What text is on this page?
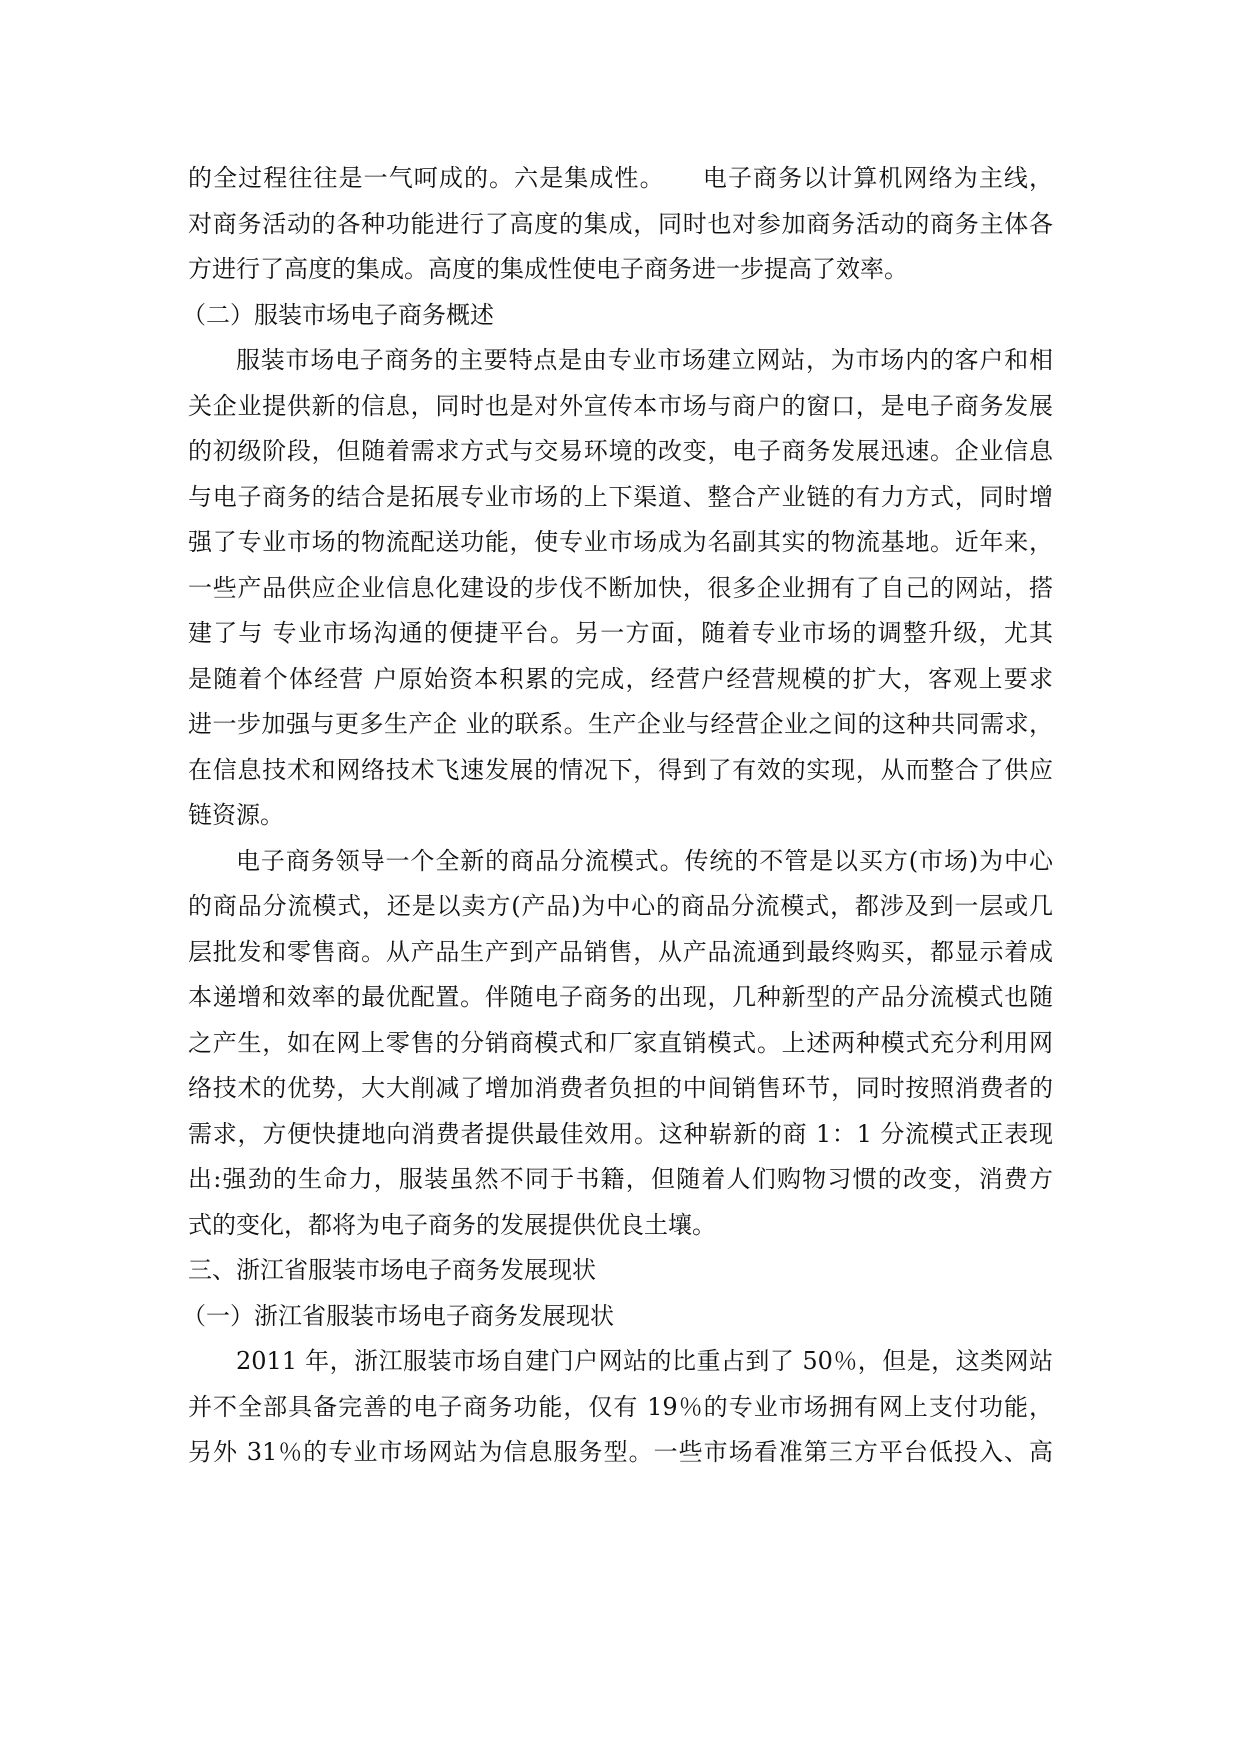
的全过程往往是一气呵成的。六是集成性。　　电子商务以计算机网络为主线，
对商务活动的各种功能进行了高度的集成，同时也对参加商务活动的商务主体各
方进行了高度的集成。高度的集成性使电子商务进一步提高了效率。
（二）服装市场电子商务概述
服装市场电子商务的主要特点是由专业市场建立网站，为市场内的客户和相
关企业提供新的信息，同时也是对外宣传本市场与商户的窗口，是电子商务发展
的初级阶段，但随着需求方式与交易环境的改变，电子商务发展迅速。企业信息
与电子商务的结合是拓展专业市场的上下渠道、整合产业链的有力方式，同时增
强了专业市场的物流配送功能，使专业市场成为名副其实的物流基地。近年来，
一些产品供应企业信息化建设的步伐不断加快，很多企业拥有了自己的网站，搭
建了与 专业市场沟通的便捷平台。另一方面，随着专业市场的调整升级，尤其
是随着个体经营 户原始资本积累的完成，经营户经营规模的扩大，客观上要求
进一步加强与更多生产企 业的联系。生产企业与经营企业之间的这种共同需求，
在信息技术和网络技术飞速发展的情况下，得到了有效的实现，从而整合了供应
链资源。
电子商务领导一个全新的商品分流模式。传统的不管是以买方(市场)为中心
的商品分流模式，还是以卖方(产品)为中心的商品分流模式，都涉及到一层或几
层批发和零售商。从产品生产到产品销售，从产品流通到最终购买，都显示着成
本递增和效率的最优配置。伴随电子商务的出现，几种新型的产品分流模式也随
之产生，如在网上零售的分销商模式和厂家直销模式。上述两种模式充分利用网
络技术的优势，大大削减了增加消费者负担的中间销售环节，同时按照消费者的
需求，方便快捷地向消费者提供最佳效用。这种崭新的商 1：1 分流模式正表现
出:强劲的生命力，服装虽然不同于书籍，但随着人们购物习惯的改变，消费方
式的变化，都将为电子商务的发展提供优良土壤。
三、浙江省服装市场电子商务发展现状
（一）浙江省服装市场电子商务发展现状
2011 年，浙江服装市场自建门户网站的比重占到了 50％，但是，这类网站
并不全部具备完善的电子商务功能，仅有 19％的专业市场拥有网上支付功能，
另外 31％的专业市场网站为信息服务型。一些市场看准第三方平台低投入、高
